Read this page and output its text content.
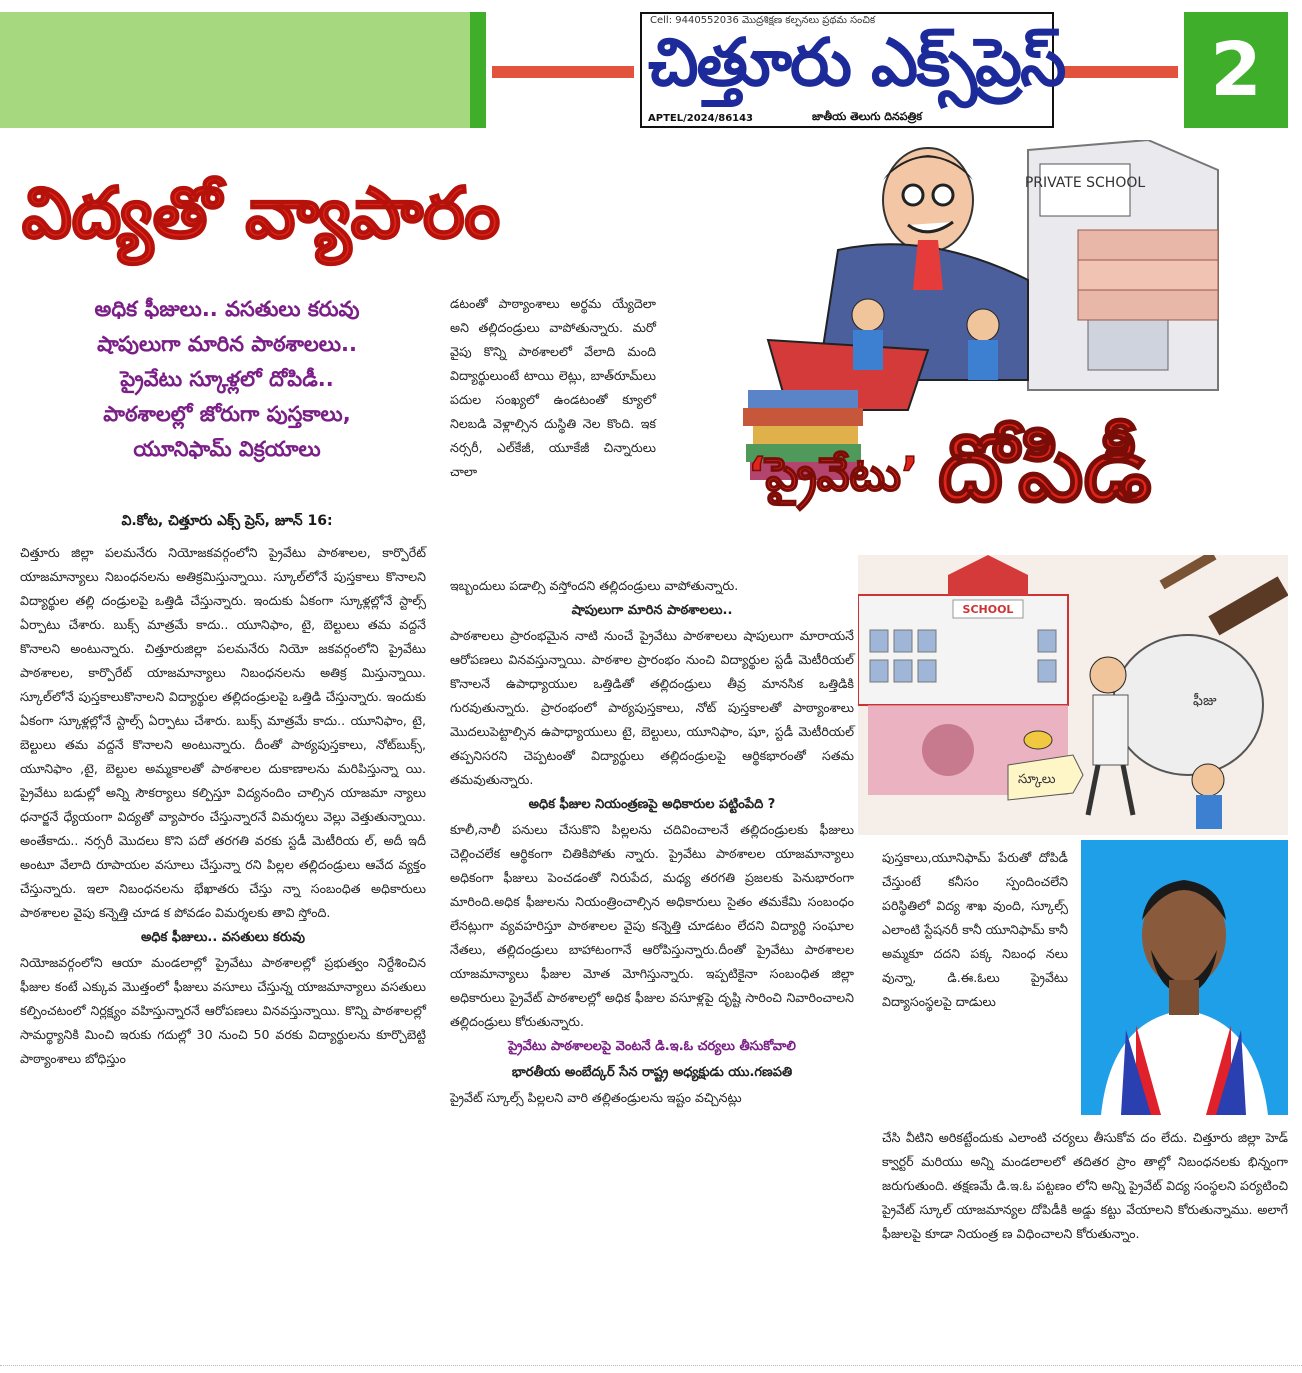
Cell: 9440552036 మొద్రశిక్షణ కల్పనలు ప్రథమ సంచిక
చిత్తూరు ఎక్స్‌ప్రెస్
APTEL/2024/86143	జాతీయ తెలుగు దినపత్రిక
2
విద్యతో వ్యాపారం
అధిక ఫీజులు.. వసతులు కరువు
షాపులుగా మారిన పాఠశాలలు..
ప్రైవేటు స్కూళ్లలో దోపిడీ..
పాఠశాలల్లో జోరుగా పుస్తకాలు,
యూనిఫామ్ విక్రయాలు
వి.కోట, చిత్తూరు ఎక్స్ ప్రెస్, జూన్ 16:

చిత్తూరు జిల్లా పలమనేరు నియోజకవర్గంలోని ప్రైవేటు పాఠశాలల, కార్పొరేట్ యాజమాన్యాలు నిబంధనలను అతిక్రమిస్తున్నాయి. స్కూల్‌లోనే పుస్తకాలు కొనాలని విద్యార్థుల తల్లి దండ్రులపై ఒత్తిడి చేస్తున్నారు. ఇందుకు ఏకంగా స్కూళ్లల్లోనే స్టాల్స్ ఏర్పాటు చేశారు. బుక్స్ మాత్రమే కాదు.. యూనిఫాం, టై, బెల్టులు తమ వద్దనే కొనాలని అంటున్నారు. చిత్తూరుజిల్లా పలమనేరు నియో జకవర్గంలోని ప్రైవేటు పాఠశాలల, కార్పొరేట్ యాజమాన్యాలు నిబంధనలను అతిక్ర మిస్తున్నాయి. స్కూల్‌లోనే పుస్తకాలుకొనాలని విద్యార్థుల తల్లిదండ్రులపై ఒత్తిడి చేస్తున్నారు. ఇందుకు ఏకంగా స్కూళ్లల్లోనే స్టాల్స్ ఏర్పాటు చేశారు. బుక్స్ మాత్రమే కాదు.. యూనిఫాం, టై, బెల్టులు తమ వద్దనే కొనాలని అంటున్నారు. దీంతో పాఠ్యపుస్తకాలు, నోట్‌బుక్స్, యూనిఫాం ,టై, బెల్టుల అమ్మకాలతో పాఠశాలల దుకాణాలను మరిపిస్తున్నా యి. ప్రైవేటు బడుల్లో అన్ని సౌకర్యాలు కల్పిస్తూ విద్యనందిం చాల్సిన యాజమా న్యాలు ధనార్జనే ధ్యేయంగా విద్యతో వ్యాపారం చేస్తున్నారనే విమర్శలు వెల్లు వెత్తుతున్నాయి. అంతేకాదు.. నర్సరీ మొదలు కొని పదో తరగతి వరకు స్టడీ మెటీరియ ల్, అదీ ఇదీ అంటూ వేలాది రూపాయల వసూలు చేస్తున్నా రని పిల్లల తల్లిదండ్రులు ఆవేద వ్యక్తం చేస్తున్నారు. ఇలా నిబంధనలను భేఖాతరు చేస్తు న్నా సంబంధిత అధికారులు పాఠశాలల వైపు కన్నెత్తి చూడ క పోవడం విమర్శలకు తావి స్తోంది.

అధిక ఫీజులు.. వసతులు కరువు

నియోజవర్గంలోని ఆయా మండలాల్లో ప్రైవేటు పాఠశాలల్లో ప్రభుత్వం నిర్దేశించిన ఫీజుల కంటే ఎక్కువ మొత్తంలో ఫీజులు వసూలు చేస్తున్న యాజమాన్యాలు వసతులు కల్పించటంలో నిర్లక్ష్యం వహిస్తున్నారనే ఆరోపణలు వినవస్తున్నాయి. కొన్ని పాఠశాలల్లో సామర్థ్యానికి మించి ఇరుకు గదుల్లో 30 నుంచి 50 వరకు విద్యార్థులను కూర్చొబెట్టి పాఠ్యాంశాలు బోధిస్తుం

డటంతో పాఠ్యాంశాలు అర్థమ య్యేదెలా అని తల్లిదండ్రులు వాపోతున్నారు. మరో వైపు కొన్ని పాఠశాలలో వేలాది మంది విద్యార్థులుంటే టాయి లెట్లు, బాత్‌రూమ్‌లు పదుల సంఖ్యలో ఉండటంతో క్యూలో నిలబడి వెళ్లాల్సిన దుస్థితి నెల కొంది. ఇక నర్సరీ, ఎల్‌కేజీ, యూకేజీ చిన్నారులు చాలా

ఇబ్బందులు పడాల్సి వస్తోందని తల్లిదండ్రులు వాపోతున్నారు.

షాపులుగా మారిన పాఠశాలలు..

పాఠశాలలు ప్రారంభమైన నాటి నుంచే ప్రైవేటు పాఠశాలలు షాపులుగా మారాయనే ఆరోపణలు వినవస్తున్నాయి. పాఠశాల ప్రారంభం నుంచి విద్యార్థుల స్టడీ మెటీరియల్ కొనాలనే ఉపాధ్యాయుల ఒత్తిడితో తల్లిదండ్రులు తీవ్ర మానసిక ఒత్తిడికి గురవుతున్నారు. ప్రారంభంలో పాఠ్యపుస్తకాలు, నోట్ పుస్తకాలతో పాఠ్యాంశాలు మొదలుపెట్టాల్సిన ఉపాధ్యాయులు టై, బెల్టులు, యూనిఫాం, షూ, స్టడీ మెటీరియల్ తప్పనిసరని చెప్పటంతో విద్యార్థులు తల్లిదండ్రులపై ఆర్థికభారంతో సతమ తమవుతున్నారు.

అధిక ఫీజుల నియంత్రణపై అధికారుల పట్టింపేది ?

కూలీ,నాలీ పనులు చేసుకొని పిల్లలను చదివించాలనే తల్లిదండ్రులకు ఫీజులు చెల్లించలేక ఆర్థికంగా చితికిపోతు న్నారు. ప్రైవేటు పాఠశాలల యాజమాన్యాలు అధికంగా ఫీజులు పెంచడంతో నిరుపేద, మధ్య తరగతి ప్రజలకు పెనుభారంగా మారింది.అధిక ఫీజులను నియంత్రించాల్సిన అధికారులు సైతం తమకేమి సంబంధం లేనట్లుగా వ్యవహరిస్తూ పాఠశాలల వైపు కన్నెత్తి చూడటం లేదని విద్యార్థి సంఘాల నేతలు, తల్లిదండ్రులు బాహాటంగానే ఆరోపిస్తున్నారు.దీంతో ప్రైవేటు పాఠశాలల యాజమాన్యాలు ఫీజుల మోత మోగిస్తున్నారు. ఇప్పటికైనా సంబంధిత జిల్లా అధికారులు ప్రైవేట్ పాఠశాలల్లో అధిక ఫీజుల వసూళ్లపై దృష్టి సారించి నివారించాలని తల్లిదండ్రులు కోరుతున్నారు.

ప్రైవేటు పాఠశాలలపై వెంటనే డి.ఇ.ఓ చర్యలు తీసుకోవాలి

భారతీయ అంబేద్కర్ సేన రాష్ట్ర అధ్యక్షుడు యు.గణపతి

ప్రైవేట్ స్కూల్స్ పిల్లలని వారి తల్లితండ్రులను ఇష్టం వచ్చినట్లు

పుస్తకాలు,యూనిఫామ్ పేరుతో దోపిడీ చేస్తుంటే కనీసం స్పందించలేని పరిస్థితిలో విద్య శాఖ వుంది, స్కూల్స్ ఎలాంటి స్టేషనరీ కానీ యూనిఫామ్ కానీ అమ్మకూ దదని పక్క నిబంధ నలు వున్నా, డి.ఈ.ఓలు ప్రైవేటు విద్యాసంస్థలపై దాడులు

చేసి వీటిని అరికట్టేందుకు ఎలాంటి చర్యలు తీసుకోవ దం లేదు. చిత్తూరు జిల్లా హెడ్ క్వార్టర్ మరియు అన్ని మండలాలలో తదితర ప్రాం తాల్లో నిబంధనలకు భిన్నంగా జరుగుతుంది. తక్షణమే డి.ఇ.ఓ పట్టణం లోని అన్ని ప్రైవేట్ విద్య సంస్థలని పర్యటించి ప్రైవేట్ స్కూల్ యాజమాన్యల దోపిడీకి అడ్డు కట్టు వేయాలని కోరుతున్నాము. అలాగే ఫీజులపై కూడా నియంత్ర ణ విధించాలని కోరుతున్నాం.

PRIVATE SCHOOL
‘ప్రైవేటు’ దోపిడీ
SCHOOL
ఫీజు
స్కూలు
